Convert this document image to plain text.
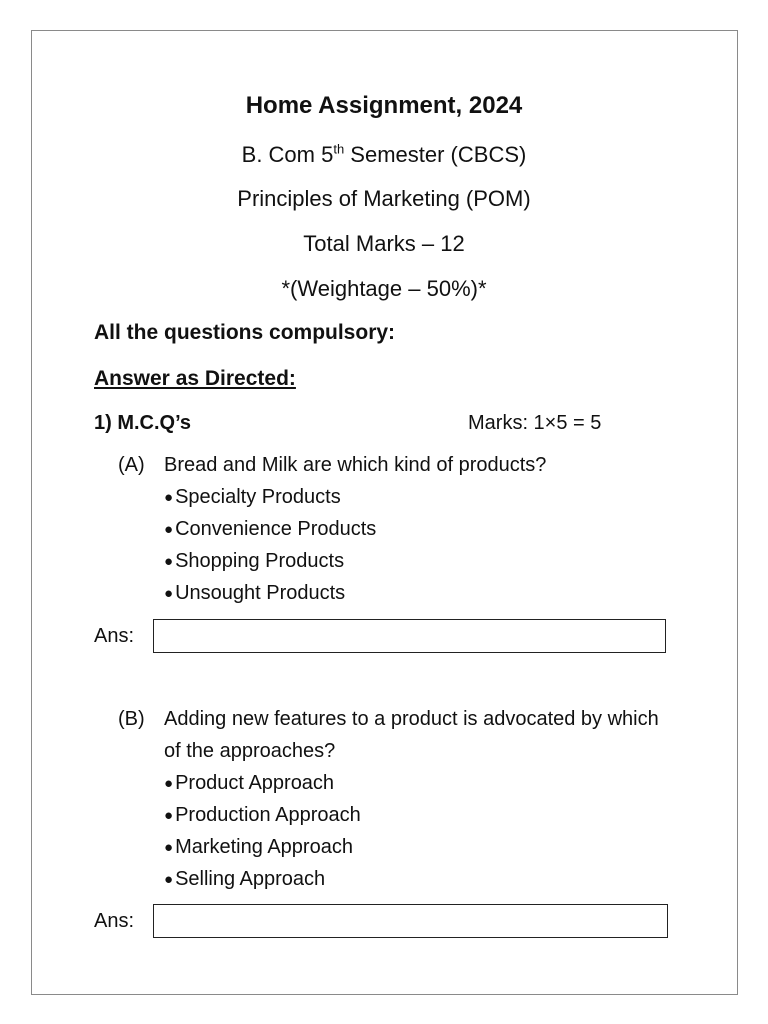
Home Assignment, 2024
B. Com 5th Semester (CBCS)
Principles of Marketing (POM)
Total Marks – 12
*(Weightage – 50%)*
All the questions compulsory:
Answer as Directed:
1) M.C.Q’s	Marks: 1×5 = 5
(A) Bread and Milk are which kind of products?
● Specialty Products
● Convenience Products
● Shopping Products
● Unsought Products
Ans:
(B) Adding new features to a product is advocated by which of the approaches?
● Product Approach
● Production Approach
● Marketing Approach
● Selling Approach
Ans:
